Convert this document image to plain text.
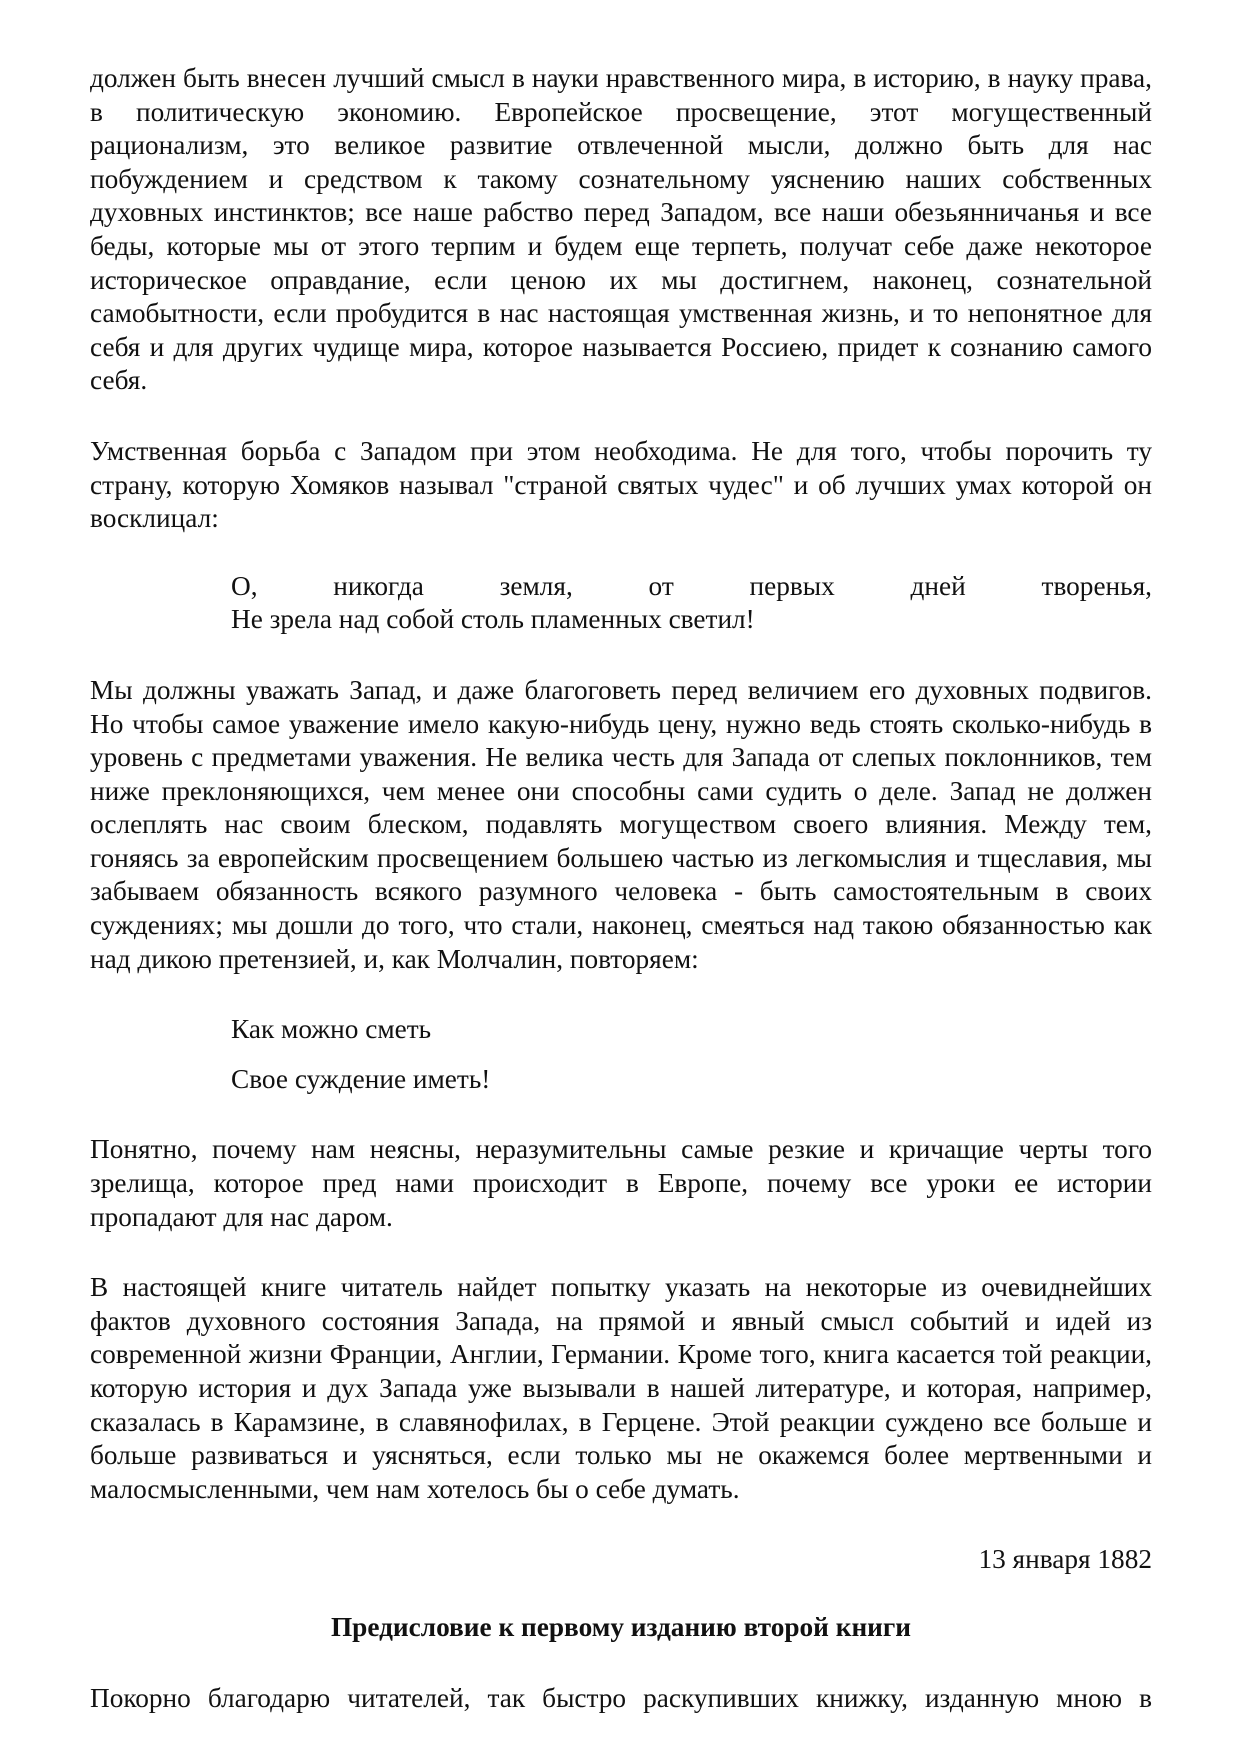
должен быть внесен лучший смысл в науки нравственного мира, в историю, в науку права, в политическую экономию. Европейское просвещение, этот могущественный рационализм, это великое развитие отвлеченной мысли, должно быть для нас побуждением и средством к такому сознательному уяснению наших собственных духовных инстинктов; все наше рабство перед Западом, все наши обезьянничанья и все беды, которые мы от этого терпим и будем еще терпеть, получат себе даже некоторое историческое оправдание, если ценою их мы достигнем, наконец, сознательной самобытности, если пробудится в нас настоящая умственная жизнь, и то непонятное для себя и для других чудище мира, которое называется Россиею, придет к сознанию самого себя.

Умственная борьба с Западом при этом необходима. Не для того, чтобы порочить ту страну, которую Хомяков называл "страной святых чудес" и об лучших умах которой он восклицал:

О, никогда земля, от первых дней творенья,
Не зрела над собой столь пламенных светил!

Мы должны уважать Запад, и даже благоговеть перед величием его духовных подвигов. Но чтобы самое уважение имело какую-нибудь цену, нужно ведь стоять сколько-нибудь в уровень с предметами уважения. Не велика честь для Запада от слепых поклонников, тем ниже преклоняющихся, чем менее они способны сами судить о деле. Запад не должен ослеплять нас своим блеском, подавлять могуществом своего влияния. Между тем, гоняясь за европейским просвещением большею частью из легкомыслия и тщеславия, мы забываем обязанность всякого разумного человека - быть самостоятельным в своих суждениях; мы дошли до того, что стали, наконец, смеяться над такою обязанностью как над дикою претензией, и, как Молчалин, повторяем:

Как можно сметь
Свое суждение иметь!

Понятно, почему нам неясны, неразумительны самые резкие и кричащие черты того зрелища, которое пред нами происходит в Европе, почему все уроки ее истории пропадают для нас даром.

В настоящей книге читатель найдет попытку указать на некоторые из очевиднейших фактов духовного состояния Запада, на прямой и явный смысл событий и идей из современной жизни Франции, Англии, Германии. Кроме того, книга касается той реакции, которую история и дух Запада уже вызывали в нашей литературе, и которая, например, сказалась в Карамзине, в славянофилах, в Герцене. Этой реакции суждено все больше и больше развиваться и уясняться, если только мы не окажемся более мертвенными и малосмысленными, чем нам хотелось бы о себе думать.

13 января 1882
Предисловие к первому изданию второй книги

Покорно благодарю читателей, так быстро раскупивших книжку, изданную мною в
